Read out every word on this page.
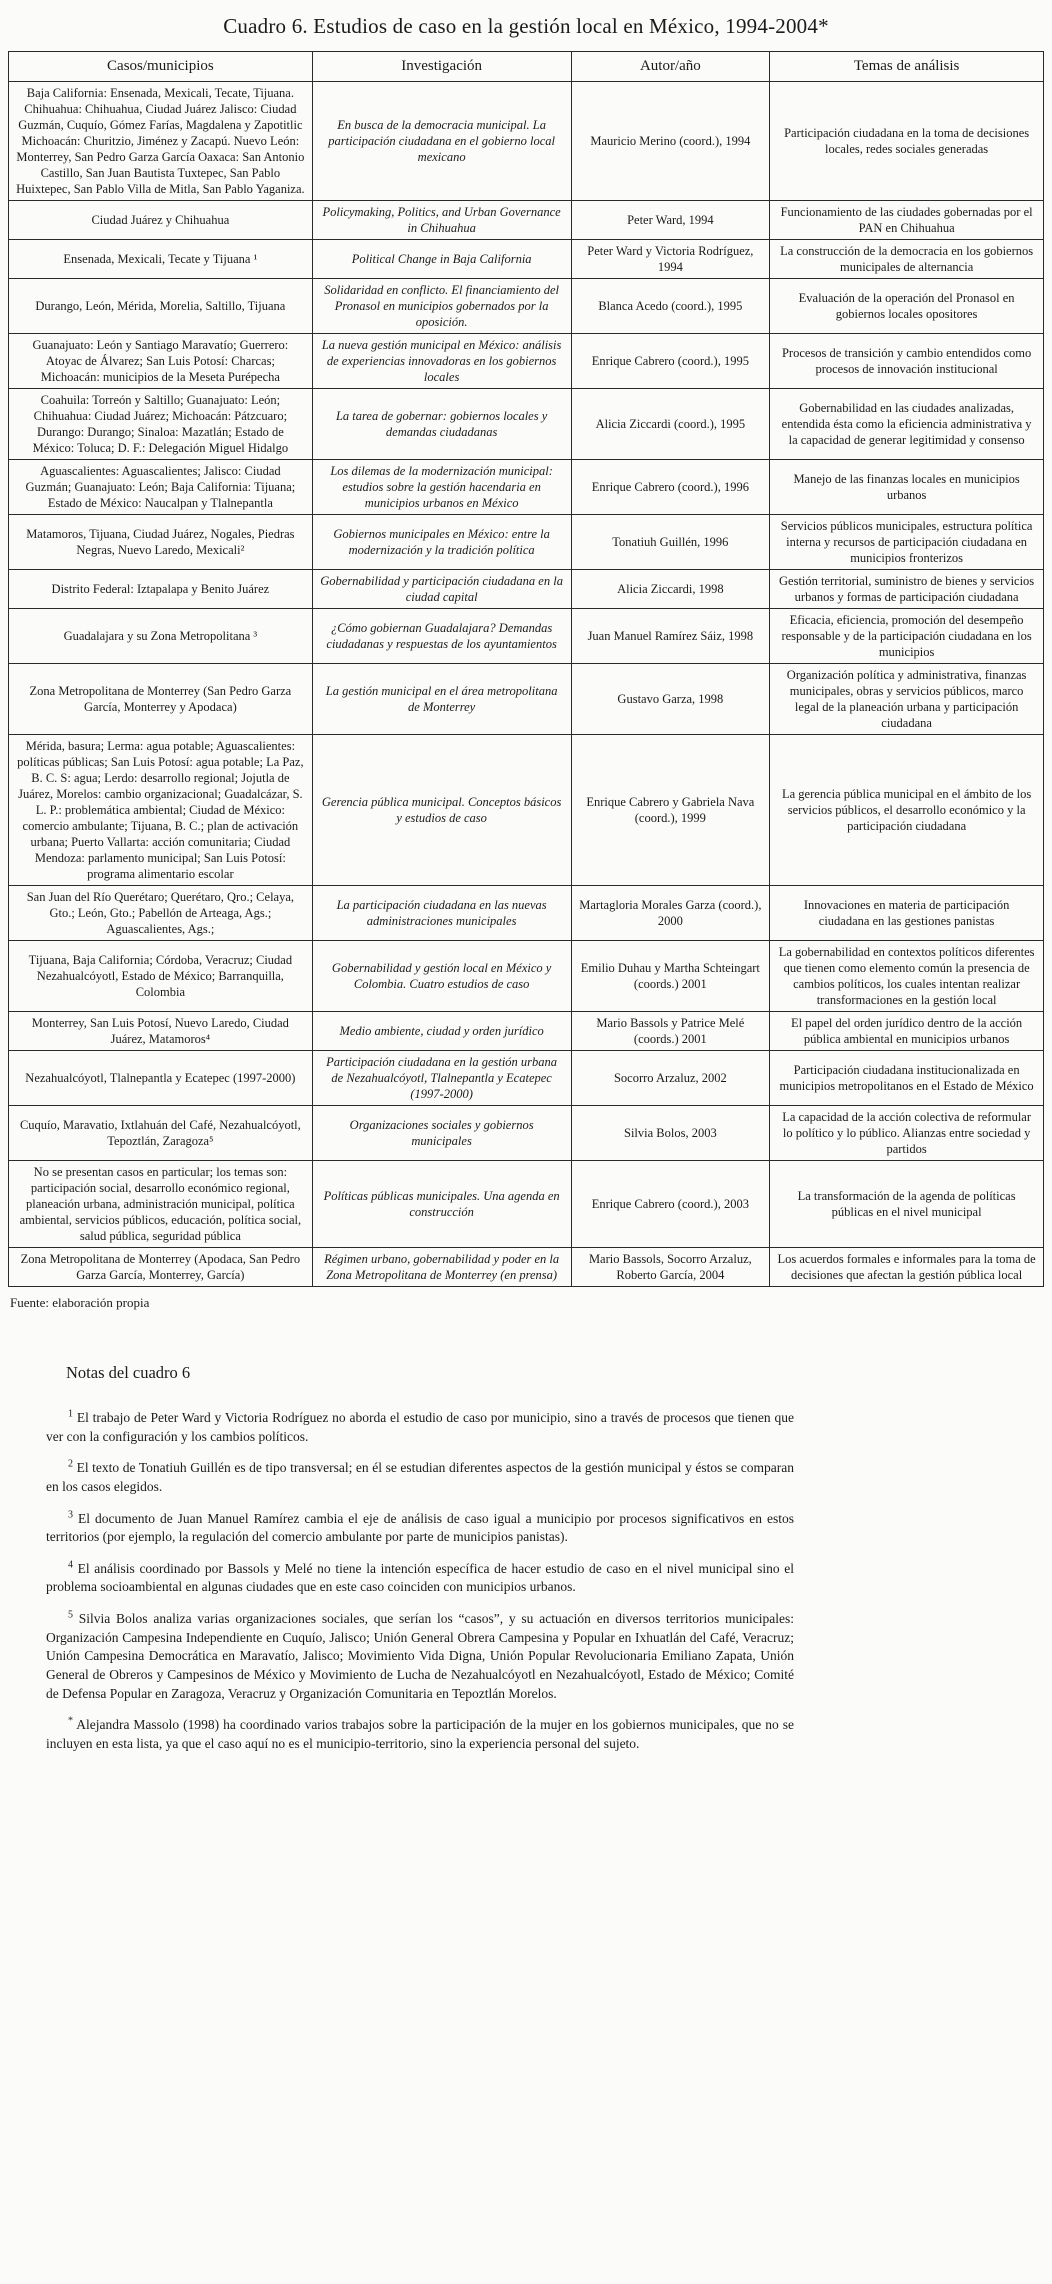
Cuadro 6. Estudios de caso en la gestión local en México, 1994-2004*
Casos/municipios	Investigación	Autor/año	Temas de análisis
Baja California: Ensenada, Mexicali, Tecate, Tijuana. Chihuahua: Chihuahua, Ciudad Juárez Jalisco: Ciudad Guzmán, Cuquío, Gómez Farías, Magdalena y Zapotitlic Michoacán: Churitzio, Jiménez y Zacapú. Nuevo León: Monterrey, San Pedro Garza García Oaxaca: San Antonio Castillo, San Juan Bautista Tuxtepec, San Pablo Huixtepec, San Pablo Villa de Mitla, San Pablo Yaganiza.	En busca de la democracia municipal. La participación ciudadana en el gobierno local mexicano	Mauricio Merino (coord.), 1994	Participación ciudadana en la toma de decisiones locales, redes sociales generadas
Ciudad Juárez y Chihuahua	Policymaking, Politics, and Urban Governance in Chihuahua	Peter Ward, 1994	Funcionamiento de las ciudades gobernadas por el PAN en Chihuahua
Ensenada, Mexicali, Tecate y Tijuana ¹	Political Change in Baja California	Peter Ward y Victoria Rodríguez, 1994	La construcción de la democracia en los gobiernos municipales de alternancia
Durango, León, Mérida, Morelia, Saltillo, Tijuana	Solidaridad en conflicto. El financiamiento del Pronasol en municipios gobernados por la oposición.	Blanca Acedo (coord.), 1995	Evaluación de la operación del Pronasol en gobiernos locales opositores
Guanajuato: León y Santiago Maravatío; Guerrero: Atoyac de Álvarez; San Luis Potosí: Charcas; Michoacán: municipios de la Meseta Purépecha	La nueva gestión municipal en México: análisis de experiencias innovadoras en los gobiernos locales	Enrique Cabrero (coord.), 1995	Procesos de transición y cambio entendidos como procesos de innovación institucional
Coahuila: Torreón y Saltillo; Guanajuato: León; Chihuahua: Ciudad Juárez; Michoacán: Pátzcuaro; Durango: Durango; Sinaloa: Mazatlán; Estado de México: Toluca; D. F.: Delegación Miguel Hidalgo	La tarea de gobernar: gobiernos locales y demandas ciudadanas	Alicia Ziccardi (coord.), 1995	Gobernabilidad en las ciudades analizadas, entendida ésta como la eficiencia administrativa y la capacidad de generar legitimidad y consenso
Aguascalientes: Aguascalientes; Jalisco: Ciudad Guzmán; Guanajuato: León; Baja California: Tijuana; Estado de México: Naucalpan y Tlalnepantla	Los dilemas de la modernización municipal: estudios sobre la gestión hacendaria en municipios urbanos en México	Enrique Cabrero (coord.), 1996	Manejo de las finanzas locales en municipios urbanos
Matamoros, Tijuana, Ciudad Juárez, Nogales, Piedras Negras, Nuevo Laredo, Mexicali²	Gobiernos municipales en México: entre la modernización y la tradición política	Tonatiuh Guillén, 1996	Servicios públicos municipales, estructura política interna y recursos de participación ciudadana en municipios fronterizos
Distrito Federal: Iztapalapa y Benito Juárez	Gobernabilidad y participación ciudadana en la ciudad capital	Alicia Ziccardi, 1998	Gestión territorial, suministro de bienes y servicios urbanos y formas de participación ciudadana
Guadalajara y su Zona Metropolitana ³	¿Cómo gobiernan Guadalajara? Demandas ciudadanas y respuestas de los ayuntamientos	Juan Manuel Ramírez Sáiz, 1998	Eficacia, eficiencia, promoción del desempeño responsable y de la participación ciudadana en los municipios
Zona Metropolitana de Monterrey (San Pedro Garza García, Monterrey y Apodaca)	La gestión municipal en el área metropolitana de Monterrey	Gustavo Garza, 1998	Organización política y administrativa, finanzas municipales, obras y servicios públicos, marco legal de la planeación urbana y participación ciudadana
Mérida, basura; Lerma: agua potable; Aguascalientes: políticas públicas; San Luis Potosí: agua potable; La Paz, B. C. S: agua; Lerdo: desarrollo regional; Jojutla de Juárez, Morelos: cambio organizacional; Guadalcázar, S. L. P.: problemática ambiental; Ciudad de México: comercio ambulante; Tijuana, B. C.; plan de activación urbana; Puerto Vallarta: acción comunitaria; Ciudad Mendoza: parlamento municipal; San Luis Potosí: programa alimentario escolar	Gerencia pública municipal. Conceptos básicos y estudios de caso	Enrique Cabrero y Gabriela Nava (coord.), 1999	La gerencia pública municipal en el ámbito de los servicios públicos, el desarrollo económico y la participación ciudadana
San Juan del Río Querétaro; Querétaro, Qro.; Celaya, Gto.; León, Gto.; Pabellón de Arteaga, Ags.; Aguascalientes, Ags.;	La participación ciudadana en las nuevas administraciones municipales	Martagloria Morales Garza (coord.), 2000	Innovaciones en materia de participación ciudadana en las gestiones panistas
Tijuana, Baja California; Córdoba, Veracruz; Ciudad Nezahualcóyotl, Estado de México; Barranquilla, Colombia	Gobernabilidad y gestión local en México y Colombia. Cuatro estudios de caso	Emilio Duhau y Martha Schteingart (coords.) 2001	La gobernabilidad en contextos políticos diferentes que tienen como elemento común la presencia de cambios políticos, los cuales intentan realizar transformaciones en la gestión local
Monterrey, San Luis Potosí, Nuevo Laredo, Ciudad Juárez, Matamoros⁴	Medio ambiente, ciudad y orden jurídico	Mario Bassols y Patrice Melé (coords.) 2001	El papel del orden jurídico dentro de la acción pública ambiental en municipios urbanos
Nezahualcóyotl, Tlalnepantla y Ecatepec (1997-2000)	Participación ciudadana en la gestión urbana de Nezahualcóyotl, Tlalnepantla y Ecatepec (1997-2000)	Socorro Arzaluz, 2002	Participación ciudadana institucionalizada en municipios metropolitanos en el Estado de México
Cuquío, Maravatio, Ixtlahuán del Café, Nezahualcóyotl, Tepoztlán, Zaragoza⁵	Organizaciones sociales y gobiernos municipales	Silvia Bolos, 2003	La capacidad de la acción colectiva de reformular lo político y lo público. Alianzas entre sociedad y partidos
No se presentan casos en particular; los temas son: participación social, desarrollo económico regional, planeación urbana, administración municipal, política ambiental, servicios públicos, educación, política social, salud pública, seguridad pública	Políticas públicas municipales. Una agenda en construcción	Enrique Cabrero (coord.), 2003	La transformación de la agenda de políticas públicas en el nivel municipal
Zona Metropolitana de Monterrey (Apodaca, San Pedro Garza García, Monterrey, García)	Régimen urbano, gobernabilidad y poder en la Zona Metropolitana de Monterrey (en prensa)	Mario Bassols, Socorro Arzaluz, Roberto García, 2004	Los acuerdos formales e informales para la toma de decisiones que afectan la gestión pública local

Fuente: elaboración propia

Notas del cuadro 6

$^1$ El trabajo de Peter Ward y Victoria Rodríguez no aborda el estudio de caso por municipio, sino a través de procesos que tienen que ver con la configuración y los cambios políticos.

$^2$ El texto de Tonatiuh Guillén es de tipo transversal; en él se estudian diferentes aspectos de la gestión municipal y éstos se comparan en los casos elegidos.

$^3$ El documento de Juan Manuel Ramírez cambia el eje de análisis de caso igual a municipio por procesos significativos en estos territorios (por ejemplo, la regulación del comercio ambulante por parte de municipios panistas).

$^4$ El análisis coordinado por Bassols y Melé no tiene la intención específica de hacer estudio de caso en el nivel municipal sino el problema socioambiental en algunas ciudades que en este caso coinciden con municipios urbanos.

$^5$ Silvia Bolos analiza varias organizaciones sociales, que serían los “casos”, y su actuación en diversos territorios municipales: Organización Campesina Independiente en Cuquío, Jalisco; Unión General Obrera Campesina y Popular en Ixhuatlán del Café, Veracruz; Unión Campesina Democrática en Maravatío, Jalisco; Movimiento Vida Digna, Unión Popular Revolucionaria Emiliano Zapata, Unión General de Obreros y Campesinos de México y Movimiento de Lucha de Nezahualcóyotl en Nezahualcóyotl, Estado de México; Comité de Defensa Popular en Zaragoza, Veracruz y Organización Comunitaria en Tepoztlán Morelos.

* Alejandra Massolo (1998) ha coordinado varios trabajos sobre la participación de la mujer en los gobiernos municipales, que no se incluyen en esta lista, ya que el caso aquí no es el municipio-territorio, sino la experiencia personal del sujeto.
